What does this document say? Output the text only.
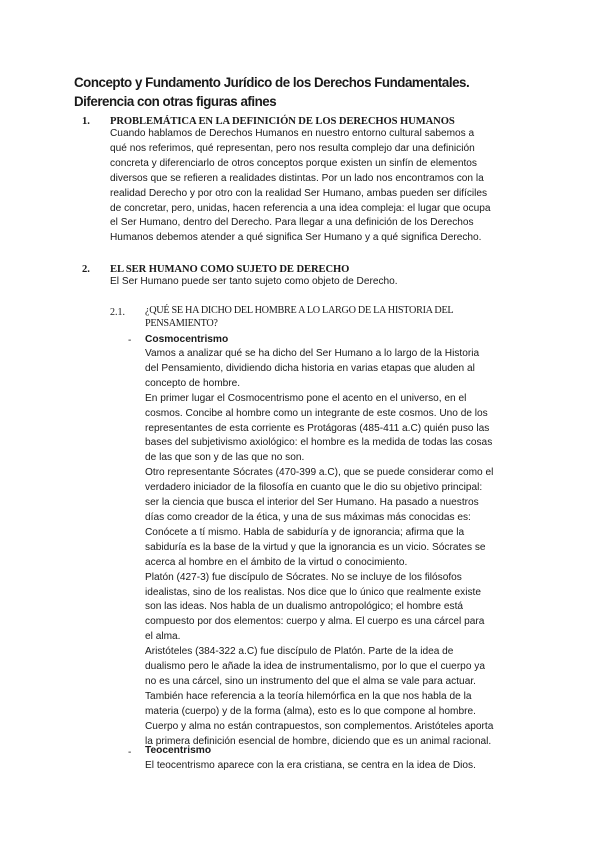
Concepto y Fundamento Jurídico de los Derechos Fundamentales.
Diferencia con otras figuras afines
1. PROBLEMÁTICA EN LA DEFINICIÓN DE LOS DERECHOS HUMANOS
Cuando hablamos de Derechos Humanos en nuestro entorno cultural sabemos a
qué nos referimos, qué representan, pero nos resulta complejo dar una definición
concreta y diferenciarlo de otros conceptos porque existen un sinfín de elementos
diversos que se refieren a realidades distintas. Por un lado nos encontramos con la
realidad Derecho y por otro con la realidad Ser Humano, ambas pueden ser difíciles
de concretar, pero, unidas, hacen referencia a una idea compleja: el lugar que ocupa
el Ser Humano, dentro del Derecho. Para llegar a una definición de los Derechos
Humanos debemos atender a qué significa Ser Humano y a qué significa Derecho.
2. EL SER HUMANO COMO SUJETO DE DERECHO
El Ser Humano puede ser tanto sujeto como objeto de Derecho.
2.1. ¿QUÉ SE HA DICHO DEL HOMBRE A LO LARGO DE LA HISTORIA DEL
PENSAMIENTO?
- Cosmocentrismo
Vamos a analizar qué se ha dicho del Ser Humano a lo largo de la Historia
del Pensamiento, dividiendo dicha historia en varias etapas que aluden al
concepto de hombre.
En primer lugar el Cosmocentrismo pone el acento en el universo, en el
cosmos. Concibe al hombre como un integrante de este cosmos. Uno de los
representantes de esta corriente es Protágoras (485-411 a.C) quién puso las
bases del subjetivismo axiológico: el hombre es la medida de todas las cosas
de las que son y de las que no son.
Otro representante Sócrates (470-399 a.C), que se puede considerar como el
verdadero iniciador de la filosofía en cuanto que le dio su objetivo principal:
ser la ciencia que busca el interior del Ser Humano. Ha pasado a nuestros
días como creador de la ética, y una de sus máximas más conocidas es:
Conócete a tí mismo. Habla de sabiduría y de ignorancia; afirma que la
sabiduría es la base de la virtud y que la ignorancia es un vicio. Sócrates se
acerca al hombre en el ámbito de la virtud o conocimiento.
Platón (427-3) fue discípulo de Sócrates. No se incluye de los filósofos
idealistas, sino de los realistas. Nos dice que lo único que realmente existe
son las ideas. Nos habla de un dualismo antropológico; el hombre está
compuesto por dos elementos: cuerpo y alma. El cuerpo es una cárcel para
el alma.
Aristóteles (384-322 a.C) fue discípulo de Platón. Parte de la idea de
dualismo pero le añade la idea de instrumentalismo, por lo que el cuerpo ya
no es una cárcel, sino un instrumento del que el alma se vale para actuar.
También hace referencia a la teoría hilemórfica en la que nos habla de la
materia (cuerpo) y de la forma (alma), esto es lo que compone al hombre.
Cuerpo y alma no están contrapuestos, son complementos. Aristóteles aporta
la primera definición esencial de hombre, diciendo que es un animal racional.
- Teocentrismo
El teocentrismo aparece con la era cristiana, se centra en la idea de Dios.
